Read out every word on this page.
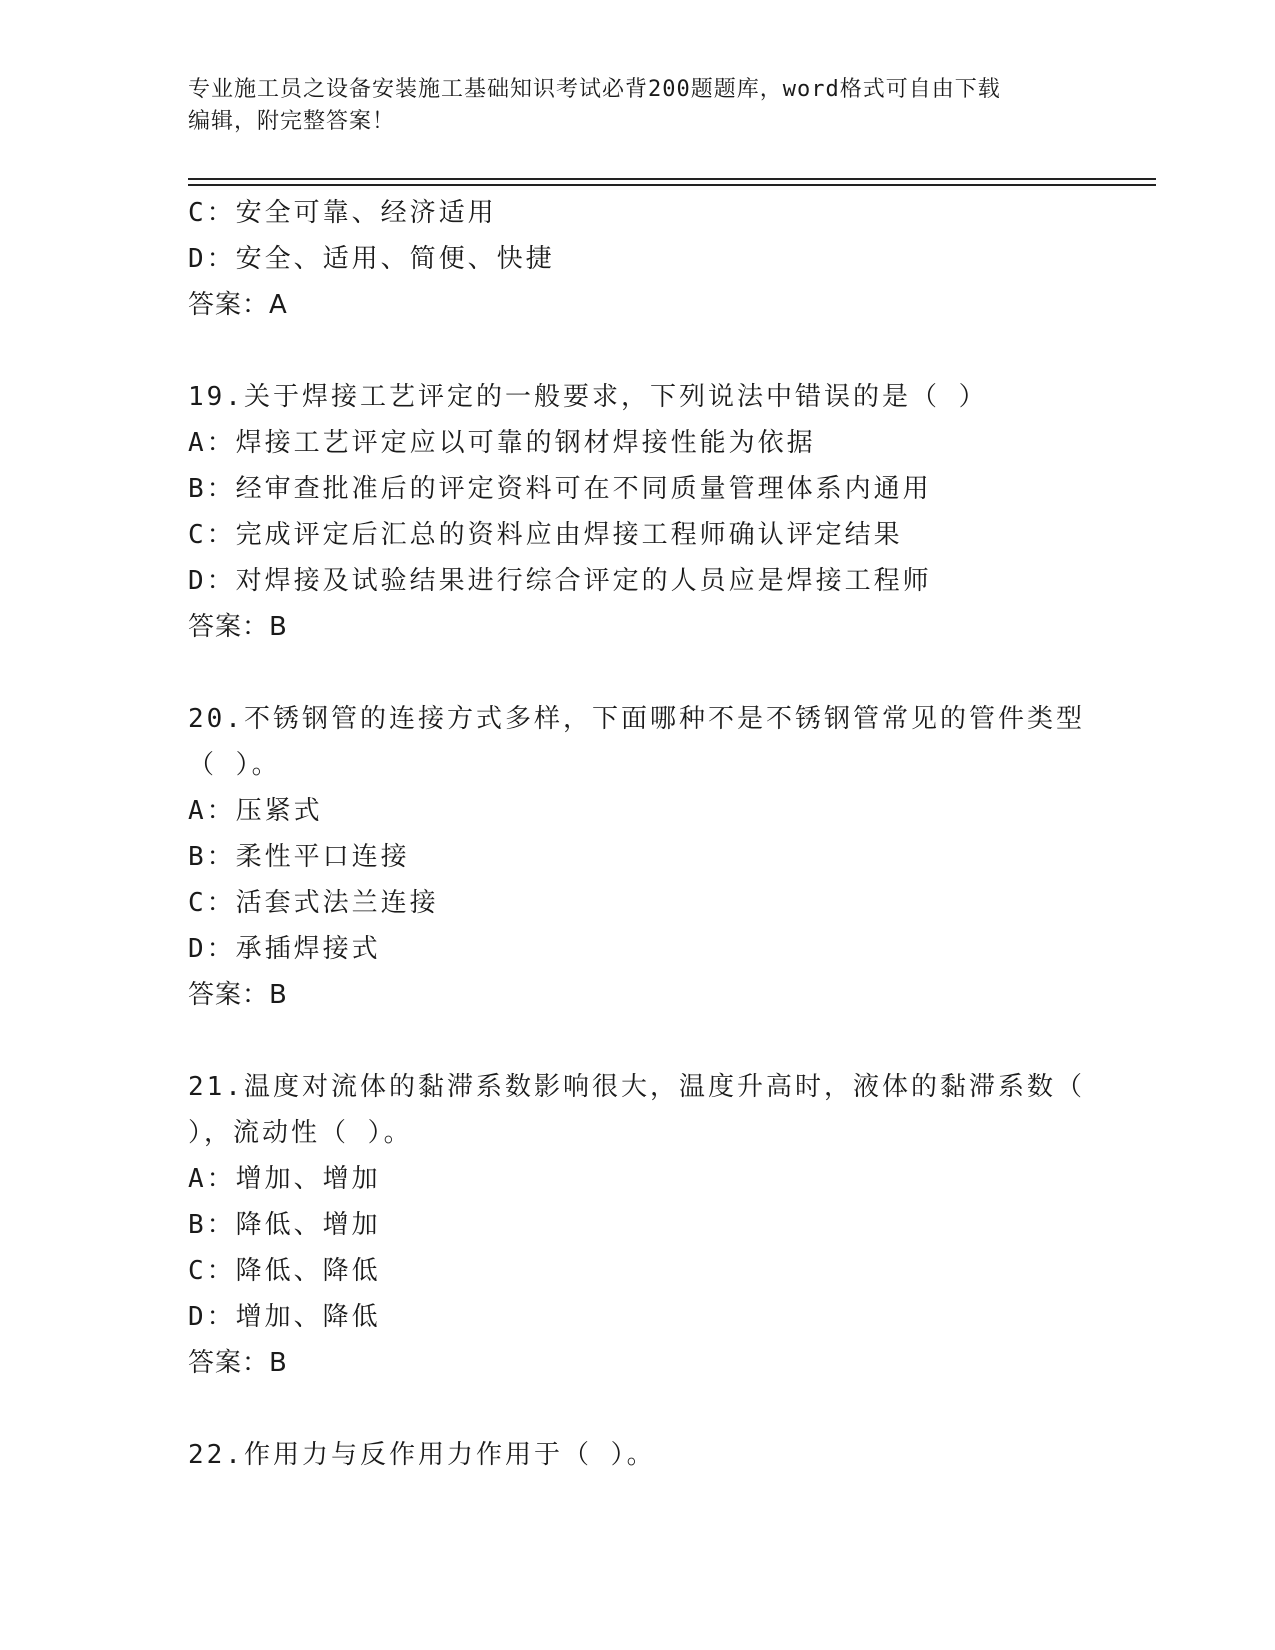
专业施工员之设备安装施工基础知识考试必背200题题库，word格式可自由下载
编辑，附完整答案！
C：安全可靠、经济适用
D：安全、适用、简便、快捷
答案：A
19.关于焊接工艺评定的一般要求，下列说法中错误的是（ ）
A：焊接工艺评定应以可靠的钢材焊接性能为依据
B：经审查批准后的评定资料可在不同质量管理体系内通用
C：完成评定后汇总的资料应由焊接工程师确认评定结果
D：对焊接及试验结果进行综合评定的人员应是焊接工程师
答案：B
20.不锈钢管的连接方式多样，下面哪种不是不锈钢管常见的管件类型
（ ）。
A：压紧式
B：柔性平口连接
C：活套式法兰连接
D：承插焊接式
答案：B
21.温度对流体的黏滞系数影响很大，温度升高时，液体的黏滞系数（
），流动性（ ）。
A：增加、增加
B：降低、增加
C：降低、降低
D：增加、降低
答案：B
22.作用力与反作用力作用于（ ）。
